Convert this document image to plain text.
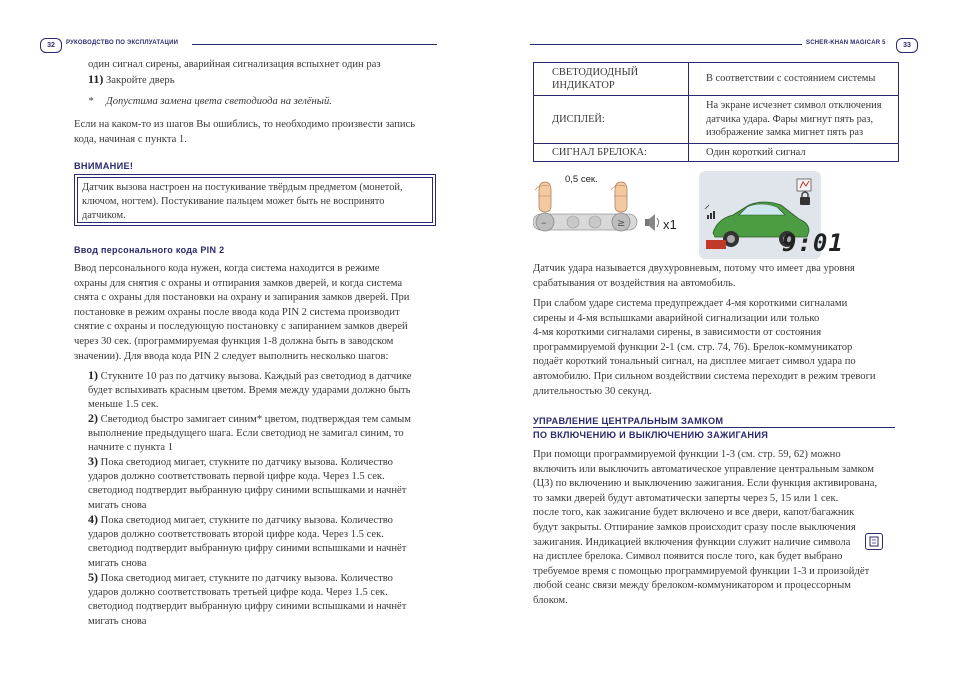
32	РУКОВОДСТВО ПО ЭКСПЛУАТАЦИИ	SCHER-KHAN MAGICAR 5	33
один сигнал сирены, аварийная сигнализация вспыхнет один раз
11) Закройте дверь
* Допустима замена цвета светодиода на зелёный.
Если на каком-то из шагов Вы ошиблись, то необходимо произвести запись
кода, начиная с пункта 1.
ВНИМАНИЕ!
Датчик вызова настроен на постукивание твёрдым предметом (монетой,
ключом, ногтем). Постукивание пальцем может быть не воспринято
датчиком.
Ввод персонального кода PIN 2
Ввод персонального кода нужен, когда система находится в режиме
охраны для снятия с охраны и отпирания замков дверей, и когда система
снята с охраны для постановки на охрану и запирания замков дверей. При
постановке в режим охраны после ввода кода PIN 2 система производит
снятие с охраны и последующую постановку с запиранием замков дверей
через 30 сек. (программируемая функция 1-8 должна быть в заводском
значении). Для ввода кода PIN 2 следует выполнить несколько шагов:
1) Стукните 10 раз по датчику вызова. Каждый раз светодиод в датчике
будет вспыхивать красным цветом. Время между ударами должно быть
меньше 1.5 сек.
2) Светодиод быстро замигает синим* цветом, подтверждая тем самым
выполнение предыдущего шага. Если светодиод не замигал синим, то
начните с пункта 1
3) Пока светодиод мигает, стукните по датчику вызова. Количество
ударов должно соответствовать первой цифре кода. Через 1.5 сек.
светодиод подтвердит выбранную цифру синими вспышками и начнёт
мигать снова
4) Пока светодиод мигает, стукните по датчику вызова. Количество
ударов должно соответствовать второй цифре кода. Через 1.5 сек.
светодиод подтвердит выбранную цифру синими вспышками и начнёт
мигать снова
5) Пока светодиод мигает, стукните по датчику вызова. Количество
ударов должно соответствовать третьей цифре кода. Через 1.5 сек.
светодиод подтвердит выбранную цифру синими вспышками и начнёт
мигать снова
СВЕТОДИОДНЫЙ
ИНДИКАТОР	В соответствии с состоянием системы

ДИСПЛЕЙ:	На экране исчезнет символ отключения
датчика удара. Фары мигнут пять раз,
изображение замка мигнет пять раз

СИГНАЛ БРЕЛОКА:	Один короткий сигнал
0,5 сек.
–	≥	x1
9:01
Датчик удара называется двухуровневым, потому что имеет два уровня
срабатывания от воздействия на автомобиль.
При слабом ударе система предупреждает 4-мя короткими сигналами
сирены и 4-мя вспышками аварийной сигнализации или только
4-мя короткими сигналами сирены, в зависимости от состояния
программируемой функции 2-1 (см. стр. 74, 76). Брелок-коммуникатор
подаёт короткий тональный сигнал, на дисплее мигает символ удара по
автомобилю. При сильном воздействии система переходит в режим тревоги
длительностью 30 секунд.
УПРАВЛЕНИЕ ЦЕНТРАЛЬНЫМ ЗАМКОМ
ПО ВКЛЮЧЕНИЮ И ВЫКЛЮЧЕНИЮ ЗАЖИГАНИЯ
При помощи программируемой функции 1-3 (см. стр. 59, 62) можно
включить или выключить автоматическое управление центральным замком
(ЦЗ) по включению и выключению зажигания. Если функция активирована,
то замки дверей будут автоматически заперты через 5, 15 или 1 сек.
после того, как зажигание будет включено и все двери, капот/багажник
будут закрыты. Отпирание замков происходит сразу после выключения
зажигания. Индикацией включения функции служит наличие символа
на дисплее брелока. Символ появится после того, как будет выбрано
требуемое время с помощью программируемой функции 1-3 и произойдёт
любой сеанс связи между брелоком-коммуникатором и процессорным
блоком.
